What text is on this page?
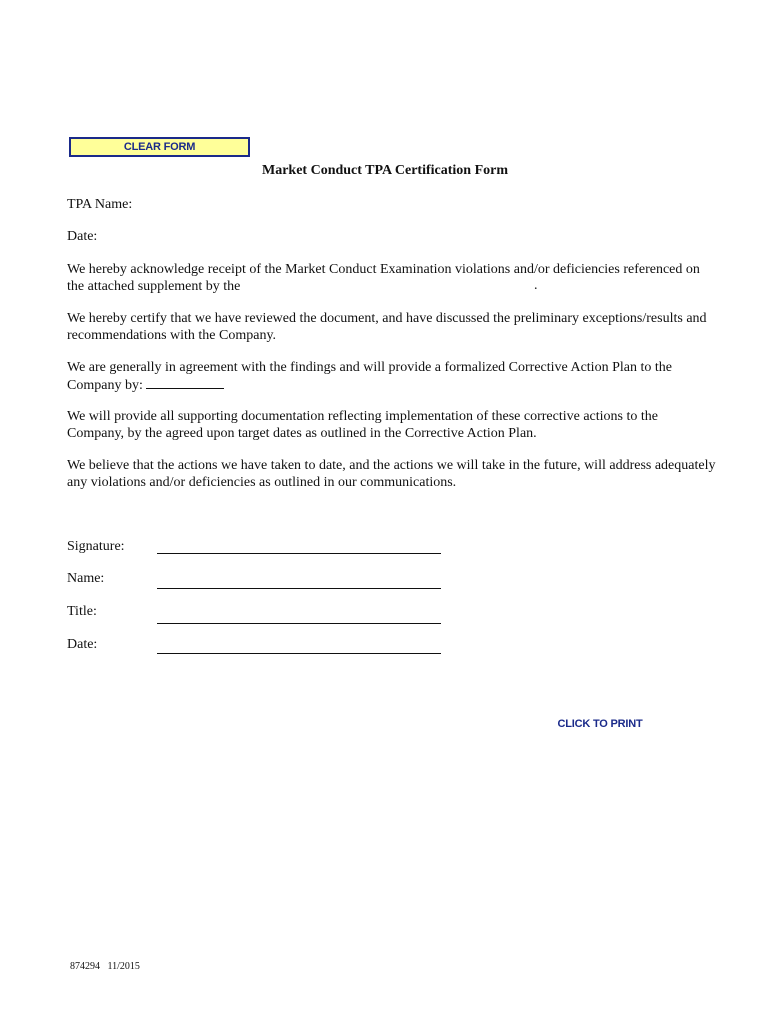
CLEAR FORM
Market Conduct TPA Certification Form
TPA Name:
Date:
We hereby acknowledge receipt of the Market Conduct Examination violations and/or deficiencies referenced on
the attached supplement by the	.
We hereby certify that we have reviewed the document, and have discussed the preliminary exceptions/results and recommendations with the Company.
We are generally in agreement with the findings and will provide a formalized Corrective Action Plan to the
Company by:
We will provide all supporting documentation reflecting implementation of these corrective actions to the Company, by the agreed upon target dates as outlined in the Corrective Action Plan.
We believe that the actions we have taken to date, and the actions we will take in the future, will address adequately any violations and/or deficiencies as outlined in our communications.
Signature:
Name:
Title:
Date:
CLICK TO PRINT
874294 11/2015
